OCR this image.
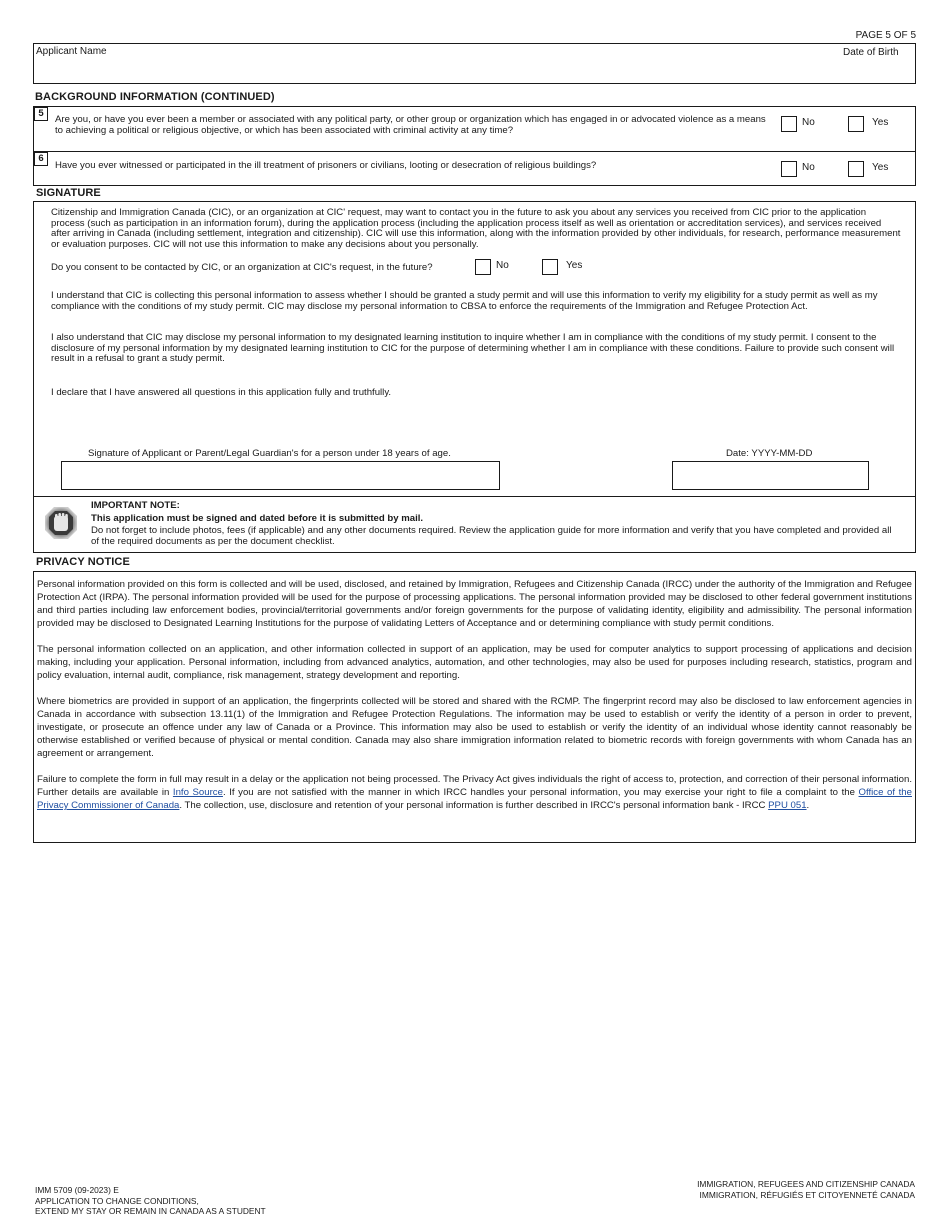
PAGE 5 OF 5
Applicant Name	Date of Birth
BACKGROUND INFORMATION (CONTINUED)
5
Are you, or have you ever been a member or associated with any political party, or other group or organization which has engaged in or advocated violence as a means to achieving a political or religious objective, or which has been associated with criminal activity at any time?
No	Yes
6
Have you ever witnessed or participated in the ill treatment of prisoners or civilians, looting or desecration of religious buildings?	No	Yes
SIGNATURE
Citizenship and Immigration Canada (CIC), or an organization at CIC' request, may want to contact you in the future to ask you about any services you received from CIC prior to the application process (such as participation in an information forum), during the application process (including the application process itself as well as orientation or accreditation services), and services received after arriving in Canada (including settlement, integration and citizenship). CIC will use this information, along with the information provided by other individuals, for research, performance measurement or evaluation purposes. CIC will not use this information to make any decisions about you personally.
Do you consent to be contacted by CIC, or an organization at CIC's request, in the future?	No	Yes
I understand that CIC is collecting this personal information to assess whether I should be granted a study permit and will use this information to verify my eligibility for a study permit as well as my compliance with the conditions of my study permit. CIC may disclose my personal information to CBSA to enforce the requirements of the Immigration and Refugee Protection Act.
I also understand that CIC may disclose my personal information to my designated learning institution to inquire whether I am in compliance with the conditions of my study permit. I consent to the disclosure of my personal information by my designated learning institution to CIC for the purpose of determining whether I am in compliance with these conditions. Failure to provide such consent will result in a refusal to grant a study permit.
I declare that I have answered all questions in this application fully and truthfully.
Signature of Applicant or Parent/Legal Guardian's for a person under 18 years of age.	Date: YYYY-MM-DD
IMPORTANT NOTE:
This application must be signed and dated before it is submitted by mail.
Do not forget to include photos, fees (if applicable) and any other documents required. Review the application guide for more information and verify that you have completed and provided all of the required documents as per the document checklist.
PRIVACY NOTICE

Personal information provided on this form is collected and will be used, disclosed, and retained by Immigration, Refugees and Citizenship Canada (IRCC) under the authority of the Immigration and Refugee Protection Act (IRPA). The personal information provided will be used for the purpose of processing applications. The personal information provided may be disclosed to other federal government institutions and third parties including law enforcement bodies, provincial/territorial governments and/or foreign governments for the purpose of validating identity, eligibility and admissibility. The personal information provided may be disclosed to Designated Learning Institutions for the purpose of validating Letters of Acceptance and or determining compliance with study permit conditions.

The personal information collected on an application, and other information collected in support of an application, may be used for computer analytics to support processing of applications and decision making, including your application. Personal information, including from advanced analytics, automation, and other technologies, may also be used for purposes including research, statistics, program and policy evaluation, internal audit, compliance, risk management, strategy development and reporting.

Where biometrics are provided in support of an application, the fingerprints collected will be stored and shared with the RCMP. The fingerprint record may also be disclosed to law enforcement agencies in Canada in accordance with subsection 13.11(1) of the Immigration and Refugee Protection Regulations. The information may be used to establish or verify the identity of a person in order to prevent, investigate, or prosecute an offence under any law of Canada or a Province. This information may also be used to establish or verify the identity of an individual whose identity cannot reasonably be otherwise established or verified because of physical or mental condition. Canada may also share immigration information related to biometric records with foreign governments with whom Canada has an agreement or arrangement.

Failure to complete the form in full may result in a delay or the application not being processed. The Privacy Act gives individuals the right of access to, protection, and correction of their personal information. Further details are available in Info Source. If you are not satisfied with the manner in which IRCC handles your personal information, you may exercise your right to file a complaint to the Office of the Privacy Commissioner of Canada. The collection, use, disclosure and retention of your personal information is further described in IRCC's personal information bank - IRCC PPU 051.

IMM 5709 (09-2023) E
APPLICATION TO CHANGE CONDITIONS,
EXTEND MY STAY OR REMAIN IN CANADA AS A STUDENT
IMMIGRATION, REFUGEES AND CITIZENSHIP CANADA
IMMIGRATION, RÉFUGIÉS ET CITOYENNETÉ CANADA
